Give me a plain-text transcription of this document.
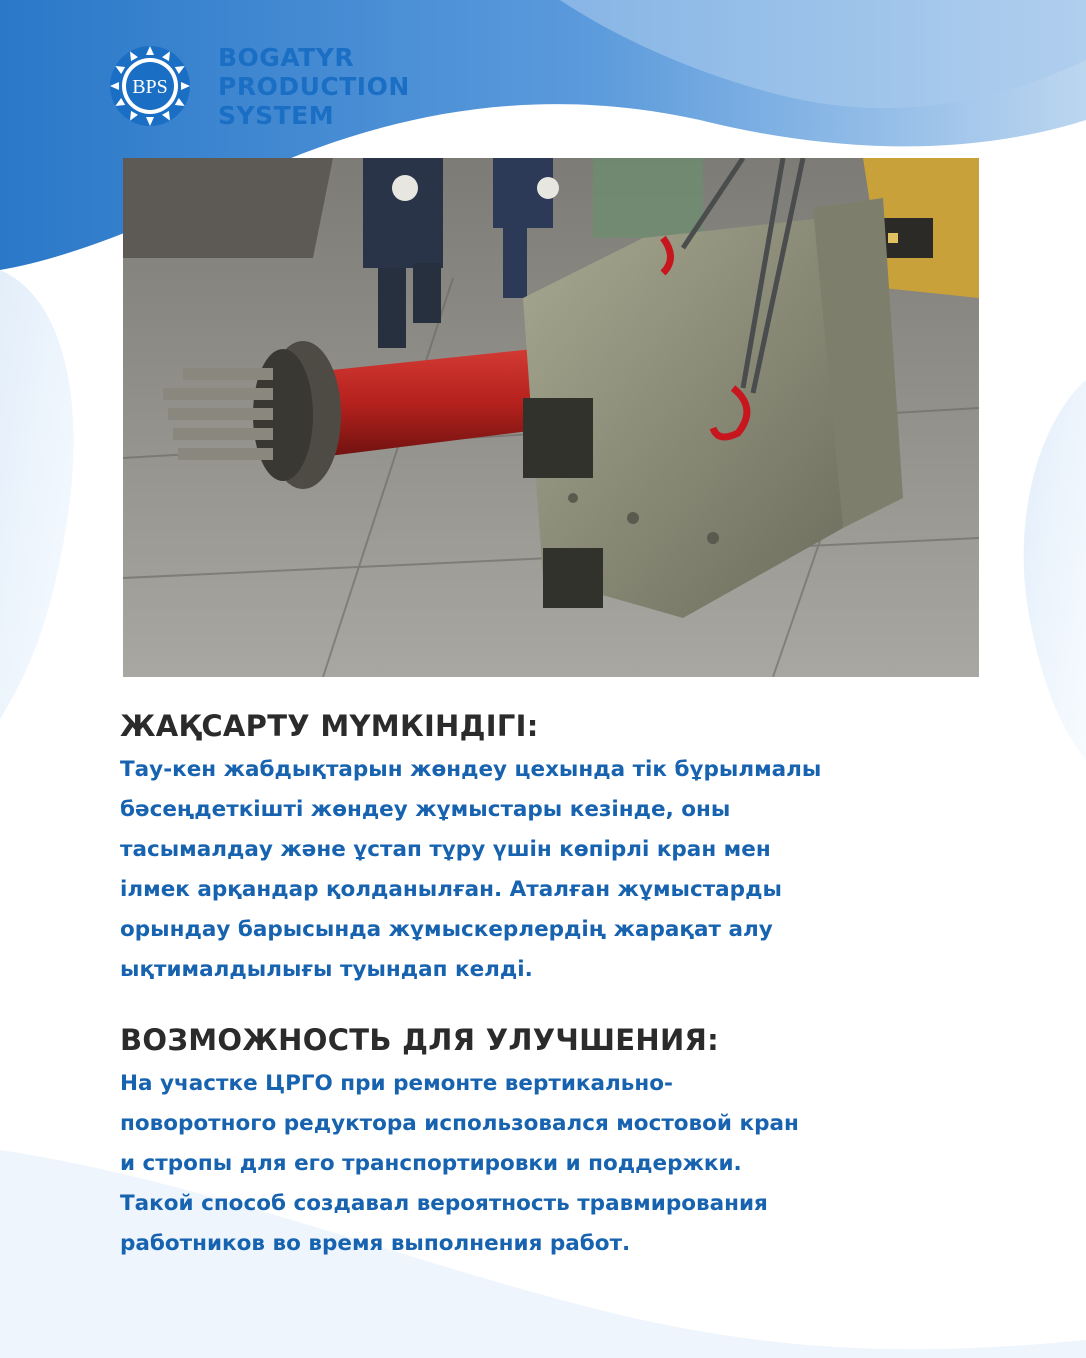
BPS
BOGATYR
PRODUCTION
SYSTEM
ЖАҚСАРТУ МҮМКІНДІГІ:

Тау-кен жабдықтарын жөндеу цехында тік бұрылмалы
бәсеңдеткішті жөндеу жұмыстары кезінде, оны
тасымалдау және ұстап тұру үшін көпірлі кран мен
ілмек арқандар қолданылған. Аталған жұмыстарды
орындау барысында жұмыскерлердің жарақат алу
ықтималдылығы туындап келді.

ВОЗМОЖНОСТЬ ДЛЯ УЛУЧШЕНИЯ:

На участке ЦРГО при ремонте вертикально-
поворотного редуктора использовался мостовой кран
и стропы для его транспортировки и поддержки.
Такой способ создавал вероятность травмирования
работников во время выполнения работ.
